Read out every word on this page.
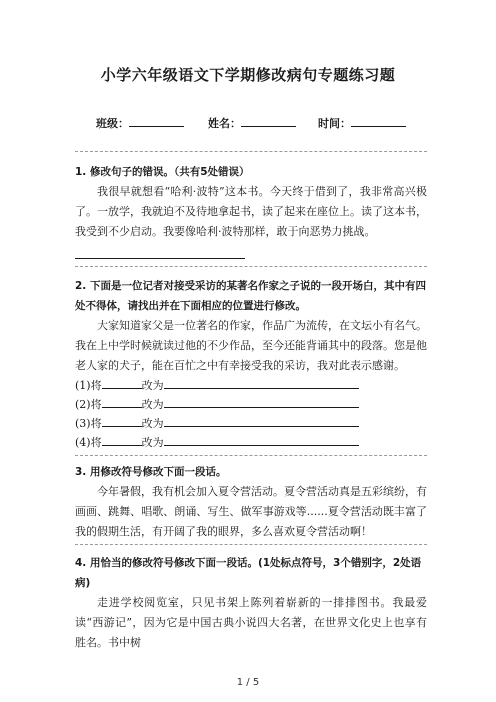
小学六年级语文下学期修改病句专题练习题
班级：	姓名：	时间：
1. 修改句子的错误。（共有5处错误）
我很早就想看“哈利·波特”这本书。今天终于借到了，我非常高兴极了。一放学，我就迫不及待地拿起书，读了起来在座位上。读了这本书，我受到不少启动。我要像哈利·波特那样，敢于向恶势力挑战。
2. 下面是一位记者对接受采访的某著名作家之子说的一段开场白，其中有四处不得体，请找出并在下面相应的位置进行修改。
大家知道家父是一位著名的作家，作品广为流传，在文坛小有名气。我在上中学时候就读过他的不少作品，至今还能背诵其中的段落。您是他老人家的犬子，能在百忙之中有幸接受我的采访，我对此表示感谢。
(1)将	改为
(2)将	改为
(3)将	改为
(4)将	改为
3. 用修改符号修改下面一段话。
今年暑假，我有机会加入夏令营活动。夏令营活动真是五彩缤纷，有画画、跳舞、唱歌、朗诵、写生、做军事游戏等......夏令营活动既丰富了我的假期生活，有开阔了我的眼界，多么喜欢夏令营活动啊！
4. 用恰当的修改符号修改下面一段话。(1处标点符号，3个错别字，2处语病)
走进学校阅览室，只见书架上陈列着崭新的一排排图书。我最爱读“西游记”，因为它是中国古典小说四大名著，在世界文化史上也享有胜名。书中树
1 / 5
